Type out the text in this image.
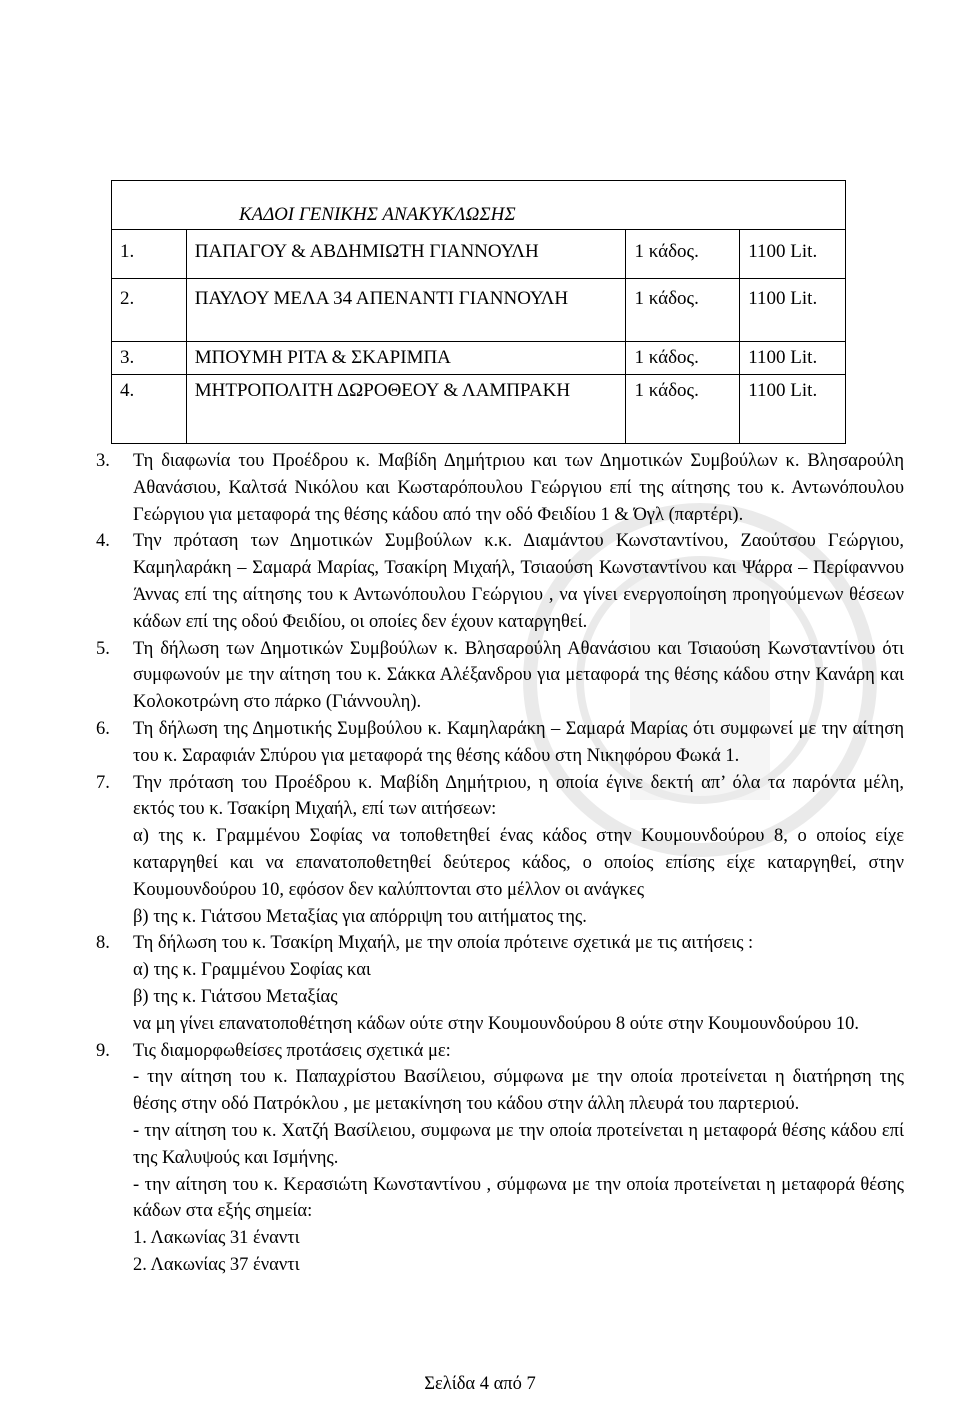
ΚΑΔΟΙ ΓΕΝΙΚΗΣ ΑΝΑΚΥΚΛΩΣΗΣ			
1.	ΠΑΠΑΓΟΥ & ΑΒΔΗΜΙΩΤΗ ΓΙΑΝΝΟΥΛΗ	1 κάδος.	1100 Lit.
2.	ΠΑΥΛΟΥ ΜΕΛΑ 34 ΑΠΕΝΑΝΤΙ ΓΙΑΝΝΟΥΛΗ	1 κάδος.	1100 Lit.
3.	ΜΠΟΥΜΗ ΡΙΤΑ & ΣΚΑΡΙΜΠΑ	1 κάδος.	1100 Lit.
4.	ΜΗΤΡΟΠΟΛΙΤΗ ΔΩΡΟΘΕΟΥ & ΛΑΜΠΡΑΚΗ	1 κάδος.	1100 Lit.
3. Τη διαφωνία του Προέδρου κ. Μαβίδη Δημήτριου και των Δημοτικών Συμβούλων κ. Βλησαρούλη Αθανάσιου, Καλτσά Νικόλου και Κωσταρόπουλου Γεώργιου επί της αίτησης του κ. Αντωνόπουλου Γεώργιου για μεταφορά της θέσης κάδου από την οδό Φειδίου 1 & Όγλ (παρτέρι).

4. Την πρόταση των Δημοτικών Συμβούλων κ.κ. Διαμάντου Κωνσταντίνου, Ζαούτσου Γεώργιου, Καμηλαράκη – Σαμαρά Μαρίας, Τσακίρη Μιχαήλ, Τσιαούση Κωνσταντίνου και Ψάρρα – Περίφαννου Άννας επί της αίτησης του κ Αντωνόπουλου Γεώργιου , να γίνει ενεργοποίηση προηγούμενων θέσεων κάδων επί της οδού Φειδίου, οι οποίες δεν έχουν καταργηθεί.

5. Τη δήλωση των Δημοτικών Συμβούλων κ. Βλησαρούλη Αθανάσιου και Τσιαούση Κωνσταντίνου ότι συμφωνούν με την αίτηση του κ. Σάκκα Αλέξανδρου για μεταφορά της θέσης κάδου στην Κανάρη και Κολοκοτρώνη στο πάρκο (Γιάννουλη).

6. Τη δήλωση της Δημοτικής Συμβούλου κ. Καμηλαράκη – Σαμαρά Μαρίας ότι συμφωνεί με την αίτηση του κ. Σαραφιάν Σπύρου για μεταφορά της θέσης κάδου στη Νικηφόρου Φωκά 1.

7. Την πρόταση του Προέδρου κ. Μαβίδη Δημήτριου, η οποία έγινε δεκτή απ’ όλα τα παρόντα μέλη, εκτός του κ. Τσακίρη Μιχαήλ, επί των αιτήσεων:

α) της κ. Γραμμένου Σοφίας να τοποθετηθεί ένας κάδος στην Κουμουνδούρου 8, ο οποίος είχε καταργηθεί και να επανατοποθετηθεί δεύτερος κάδος, ο οποίος επίσης είχε καταργηθεί, στην Κουμουνδούρου 10, εφόσον δεν καλύπτονται στο μέλλον οι ανάγκες

β) της κ. Γιάτσου Μεταξίας για απόρριψη του αιτήματος της.

8. Τη δήλωση του κ. Τσακίρη Μιχαήλ, με την οποία πρότεινε σχετικά με τις αιτήσεις :

α) της κ. Γραμμένου Σοφίας και

β) της κ. Γιάτσου Μεταξίας

να μη γίνει επανατοποθέτηση κάδων ούτε στην Κουμουνδούρου 8 ούτε στην Κουμουνδούρου 10.

9. Τις διαμορφωθείσες προτάσεις σχετικά με:

- την αίτηση του κ. Παπαχρίστου Βασίλειου, σύμφωνα με την οποία προτείνεται η διατήρηση της θέσης στην οδό Πατρόκλου , με μετακίνηση του κάδου στην άλλη πλευρά του παρτεριού.

- την αίτηση του κ. Χατζή Βασίλειου, συμφωνα με την οποία προτείνεται η μεταφορά θέσης κάδου επί της Καλυψούς και Ισμήνης.

- την αίτηση του κ. Κερασιώτη Κωνσταντίνου , σύμφωνα με την οποία προτείνεται η μεταφορά θέσης κάδων στα εξής σημεία:

1. Λακωνίας 31 έναντι

2. Λακωνίας 37 έναντι

Σελίδα 4 από 7
